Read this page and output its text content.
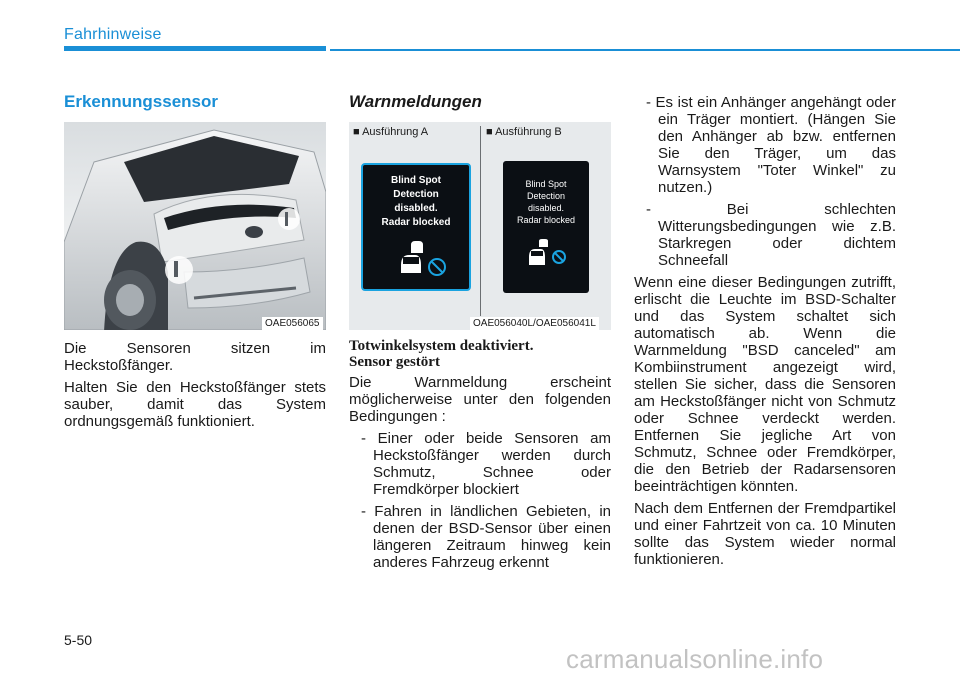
Fahrhinweise
Erkennungssensor
OAE056065

Die Sensoren sitzen im Heckstoßfänger.

Halten Sie den Heckstoßfänger stets sauber, damit das System ordnungsgemäß funktioniert.

Warnmeldungen
■ Ausführung A	■ Ausführung B
Blind Spot
Detection
disabled.
Radar blocked
Blind Spot
Detection
disabled.
Radar blocked
OAE056040L/OAE056041L
Totwinkelsystem deaktiviert.
Sensor gestört

Die Warnmeldung erscheint möglicherweise unter den folgenden Bedingungen :

- Einer oder beide Sensoren am Heckstoßfänger werden durch Schmutz, Schnee oder Fremdkörper blockiert

- Fahren in ländlichen Gebieten, in denen der BSD-Sensor über einen längeren Zeitraum hinweg kein anderes Fahrzeug erkennt

- Es ist ein Anhänger angehängt oder ein Träger montiert. (Hängen Sie den Anhänger ab bzw. entfernen Sie den Träger, um das Warnsystem "Toter Winkel" zu nutzen.)

- Bei schlechten Witterungsbedingungen wie z.B. Starkregen oder dichtem Schneefall

Wenn eine dieser Bedingungen zutrifft, erlischt die Leuchte im BSD-Schalter und das System schaltet sich automatisch ab. Wenn die Warnmeldung "BSD canceled" am Kombiinstrument angezeigt wird, stellen Sie sicher, dass die Sensoren am Heckstoßfänger nicht von Schmutz oder Schnee verdeckt werden. Entfernen Sie jegliche Art von Schmutz, Schnee oder Fremdkörper, die den Betrieb der Radarsensoren beeinträchtigen könnten.

Nach dem Entfernen der Fremdpartikel und einer Fahrtzeit von ca. 10 Minuten sollte das System wieder normal funktionieren.

5-50
carmanualsonline.info
